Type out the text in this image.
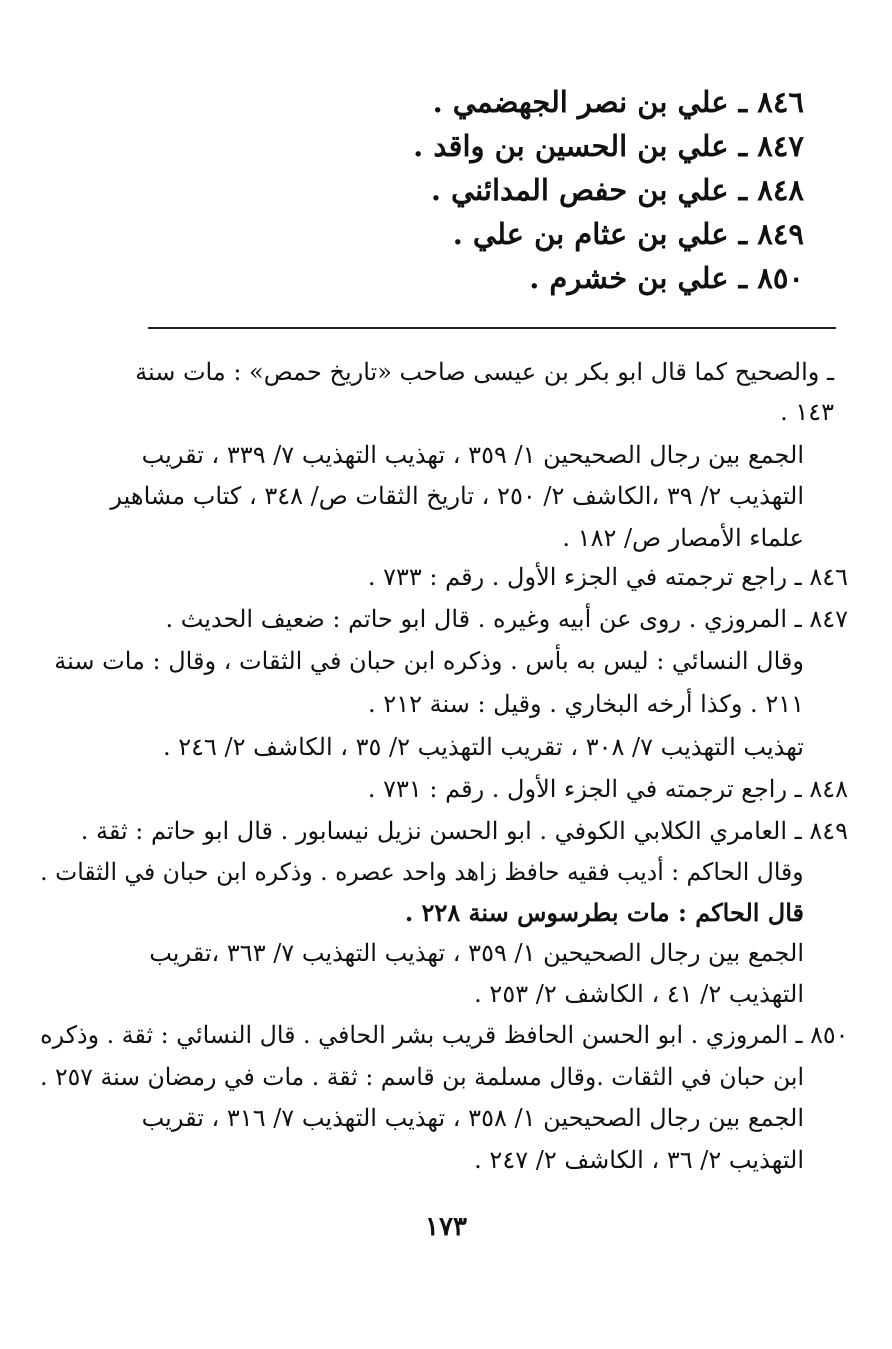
٨٤٦ ـ علي بن نصر الجهضمي .
٨٤٧ ـ علي بن الحسين بن واقد .
٨٤٨ ـ علي بن حفص المدائني .
٨٤٩ ـ علي بن عثام بن علي .
٨٥٠ ـ علي بن خشرم .
ـ والصحيح كما قال ابو بكر بن عيسى صاحب «تاريخ حمص» : مات سنة
١٤٣ .
الجمع بين رجال الصحيحين ١/ ٣٥٩ ، تهذيب التهذيب ٧/ ٣٣٩ ، تقريب
التهذيب ٢/ ٣٩ ،الكاشف ٢/ ٢٥٠ ، تاريخ الثقات ص/ ٣٤٨ ، كتاب مشاهير
علماء الأمصار ص/ ١٨٢ .
٨٤٦ ـ راجع ترجمته في الجزء الأول . رقم : ٧٣٣ .
٨٤٧ ـ المروزي . روى عن أبيه وغيره . قال ابو حاتم : ضعيف الحديث .
وقال النسائي : ليس به بأس . وذكره ابن حبان في الثقات ، وقال : مات سنة
٢١١ . وكذا أرخه البخاري . وقيل : سنة ٢١٢ .
تهذيب التهذيب ٧/ ٣٠٨ ، تقريب التهذيب ٢/ ٣٥ ، الكاشف ٢/ ٢٤٦ .
٨٤٨ ـ راجع ترجمته في الجزء الأول . رقم : ٧٣١ .
٨٤٩ ـ العامري الكلابي الكوفي . ابو الحسن نزيل نيسابور . قال ابو حاتم : ثقة .
وقال الحاكم : أديب فقيه حافظ زاهد واحد عصره . وذكره ابن حبان في الثقات .
قال الحاكم : مات بطرسوس سنة ٢٢٨ .
الجمع بين رجال الصحيحين ١/ ٣٥٩ ، تهذيب التهذيب ٧/ ٣٦٣ ،تقريب
التهذيب ٢/ ٤١ ، الكاشف ٢/ ٢٥٣ .
٨٥٠ ـ المروزي . ابو الحسن الحافظ قريب بشر الحافي . قال النسائي : ثقة . وذكره
ابن حبان في الثقات .وقال مسلمة بن قاسم : ثقة . مات في رمضان سنة ٢٥٧ .
الجمع بين رجال الصحيحين ١/ ٣٥٨ ، تهذيب التهذيب ٧/ ٣١٦ ، تقريب
التهذيب ٢/ ٣٦ ، الكاشف ٢/ ٢٤٧ .
١٧٣
